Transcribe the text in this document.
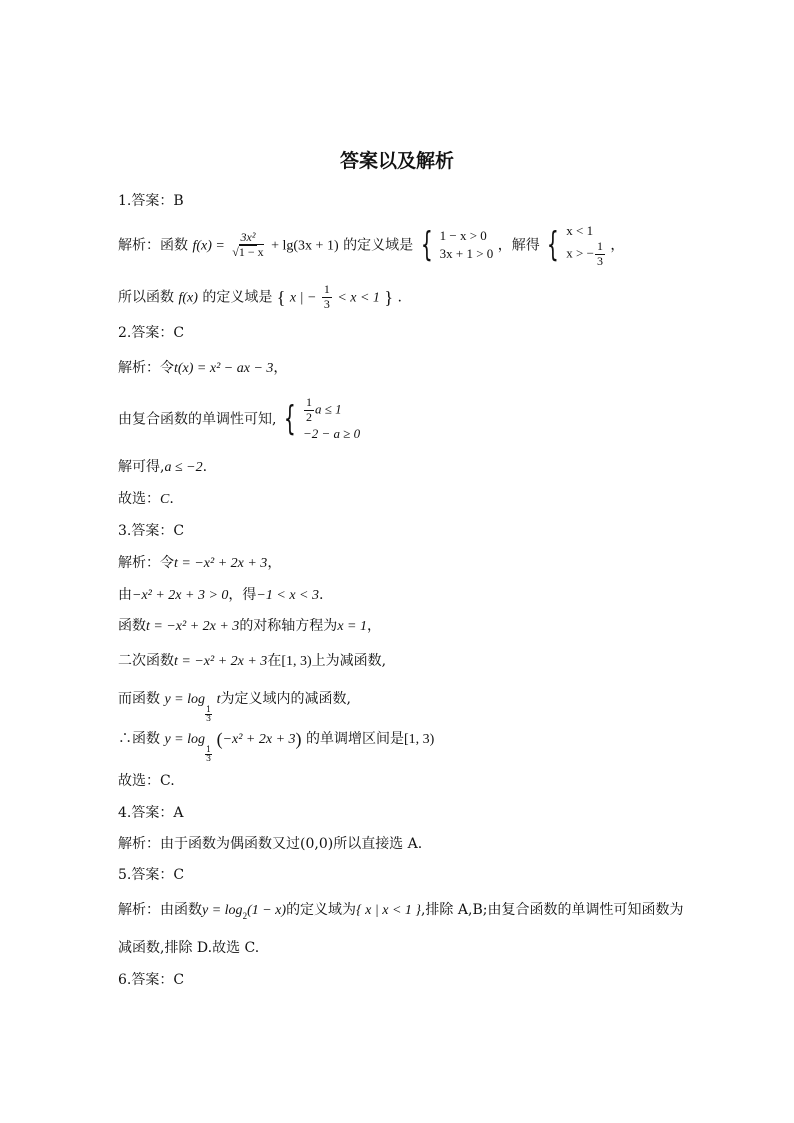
答案以及解析
1.答案：B
解析：函数 $f(x) = \frac{\text{3x²}}{√1 - x} + \lg(3x + 1)$ 的定义域是 { 1 − x > 0
3x + 1 > 0
，解得 { x < 1
x > − $\frac{1}{3}$ ，
所以函数 f(x) 的定义域是 { x | − $\frac{1}{3} < x < 1$ } .
2.答案：C
解析：令t(x) = x² − ax − 3，
由复合函数的单调性可知, { $\frac{1}{2}$ a ≤ 1
−2 − a ≥ 0
解可得,a ≤ −2.
故选：C.
3.答案：C
解析：令t = −x² + 2x + 3，
由−x² + 2x + 3 > 0，得−1 < x < 3.
函数t = −x² + 2x + 3的对称轴方程为x = 1，
二次函数t = −x² + 2x + 3在[1, 3)上为减函数,
而函数 y = log
$\frac{1}{3}$
t为定义域内的减函数,
∴函数 y = log
$\frac{1}{3}$
(−x² + 2x + 3) 的单调增区间是[1, 3)
故选：C.
4.答案：A
解析：由于函数为偶函数又过(0,0)所以直接选 A.
5.答案：C
解析：由函数$y = \log_2(1 - x)$的定义域为{ x | x < 1 },排除 A,B;由复合函数的单调性可知函数为
减函数,排除 D.故选 C.
6.答案：C
